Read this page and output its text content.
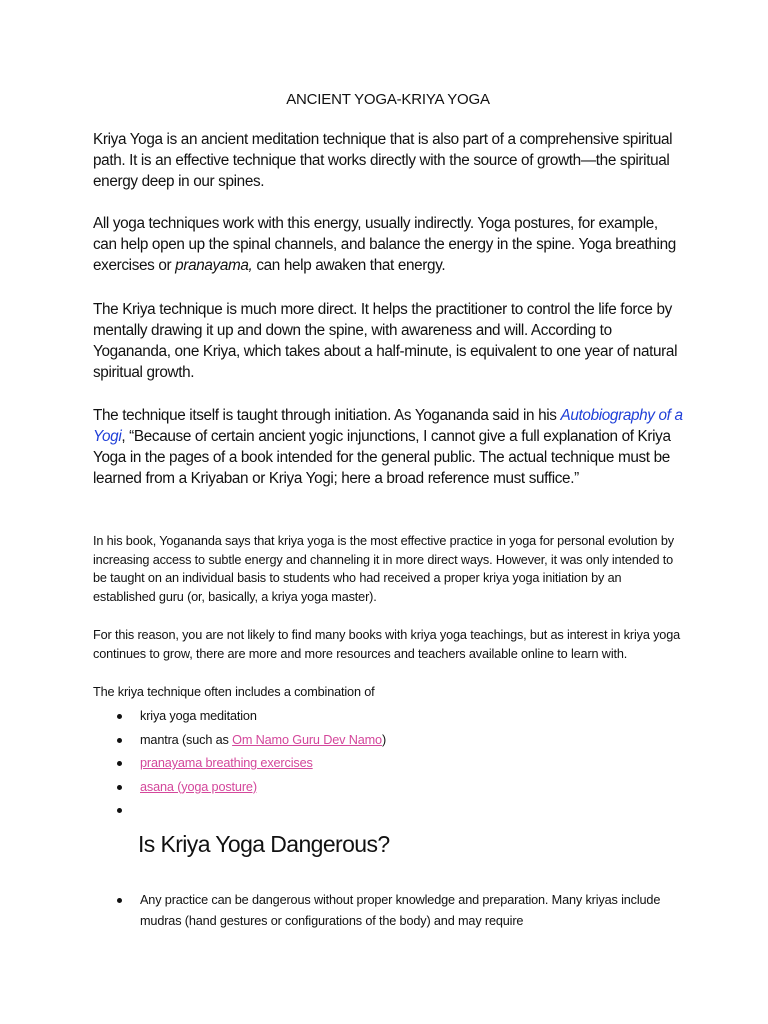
ANCIENT YOGA-KRIYA YOGA

Kriya Yoga is an ancient meditation technique that is also part of a comprehensive spiritual path. It is an effective technique that works directly with the source of growth—the spiritual energy deep in our spines.

All yoga techniques work with this energy, usually indirectly. Yoga postures, for example, can help open up the spinal channels, and balance the energy in the spine. Yoga breathing exercises or pranayama, can help awaken that energy.

The Kriya technique is much more direct. It helps the practitioner to control the life force by mentally drawing it up and down the spine, with awareness and will. According to Yogananda, one Kriya, which takes about a half-minute, is equivalent to one year of natural spiritual growth.

The technique itself is taught through initiation. As Yogananda said in his Autobiography of a Yogi, “Because of certain ancient yogic injunctions, I cannot give a full explanation of Kriya Yoga in the pages of a book intended for the general public. The actual technique must be learned from a Kriyaban or Kriya Yogi; here a broad reference must suffice.”

In his book, Yogananda says that kriya yoga is the most effective practice in yoga for personal evolution by increasing access to subtle energy and channeling it in more direct ways. However, it was only intended to be taught on an individual basis to students who had received a proper kriya yoga initiation by an established guru (or, basically, a kriya yoga master).

For this reason, you are not likely to find many books with kriya yoga teachings, but as interest in kriya yoga continues to grow, there are more and more resources and teachers available online to learn with.

The kriya technique often includes a combination of

kriya yoga meditation
mantra (such as Om Namo Guru Dev Namo)
pranayama breathing exercises
asana (yoga posture)
Is Kriya Yoga Dangerous?
Any practice can be dangerous without proper knowledge and preparation. Many kriyas include mudras (hand gestures or configurations of the body) and may require
